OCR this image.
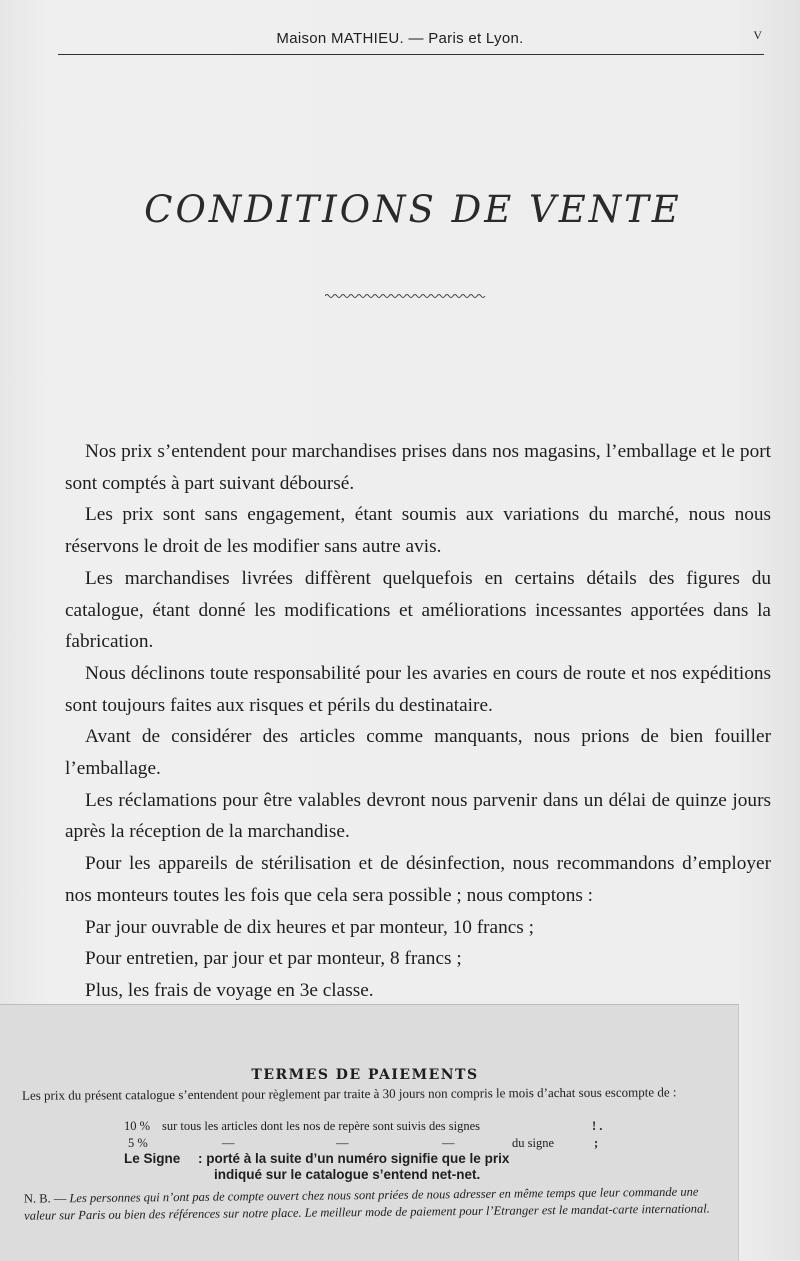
Maison MATHIEU. — Paris et Lyon.	V
CONDITIONS DE VENTE

Nos prix s’entendent pour marchandises prises dans nos magasins, l’emballage et le port sont comptés à part suivant déboursé.

Les prix sont sans engagement, étant soumis aux variations du marché, nous nous réservons le droit de les modifier sans autre avis.

Les marchandises livrées diffèrent quelquefois en certains détails des figures du catalogue, étant donné les modifications et améliorations incessantes apportées dans la fabrication.

Nous déclinons toute responsabilité pour les avaries en cours de route et nos expéditions sont toujours faites aux risques et périls du destinataire.

Avant de considérer des articles comme manquants, nous prions de bien fouiller l’emballage.

Les réclamations pour être valables devront nous parvenir dans un délai de quinze jours après la réception de la marchandise.

Pour les appareils de stérilisation et de désinfection, nous recommandons d’employer nos monteurs toutes les fois que cela sera possible ; nous comptons :

Par jour ouvrable de dix heures et par monteur, 10 francs ;
Pour entretien, par jour et par monteur, 8 francs ;
Plus, les frais de voyage en 3e classe.
TERMES DE PAIEMENTS
Les prix du présent catalogue s’entendent pour règlement par traite à 30 jours non compris le mois d’achat sous escompte de :
10 % sur tous les articles dont les nos de repère sont suivis des signes	! .
5 %	—	—	—	du signe	;
Le Signe : porté à la suite d’un numéro signifie que le prix
indiqué sur le catalogue s’entend net-net.
N. B. — Les personnes qui n’ont pas de compte ouvert chez nous sont priées de nous adresser en même temps que leur commande une valeur sur Paris ou bien des références sur notre place. Le meilleur mode de paiement pour l’Etranger est le mandat-carte international.
